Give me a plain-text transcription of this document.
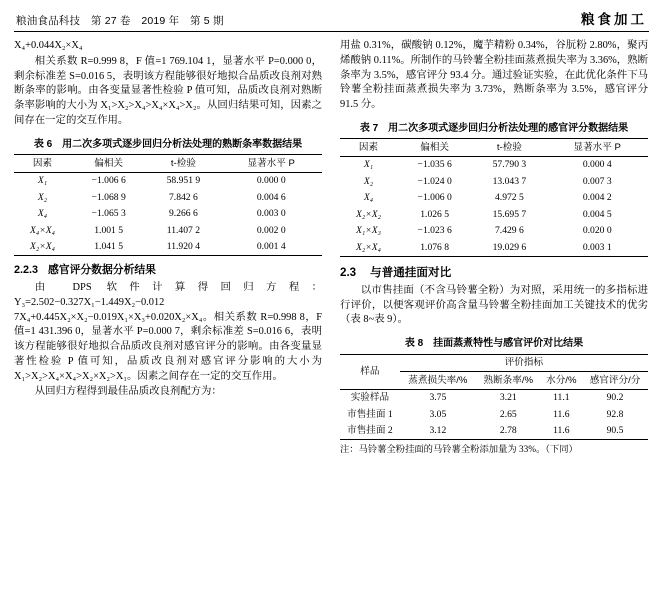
粮油食品科技　第 27 卷　2019 年　第 5 期	粮食加工
X₄+0.044X₂×X₄

相关系数 R=0.999 8，F 值=1 769.104 1，显著水平 P=0.000 0，剩余标准差 S=0.016 5，表明该方程能够很好地拟合品质改良剂对熟断条率的影响。由各变量显著性检验 P 值可知，品质改良剂对熟断条率影响的大小为 X₁>X₂>X₄>X₄×X₄>X₂。从回归结果可知，因素之间存在一定的交互作用。

表 6　用二次多项式逐步回归分析法处理的熟断条率数据结果
因素	偏相关	t-检验	显著水平 P
X₁	−1.006 6	58.951 9	0.000 0
X₂	−1.068 9	7.842 6	0.004 6
X₄	−1.065 3	9.266 6	0.003 0
X₄×X₄	1.001 5	11.407 2	0.002 0
X₂×X₄	1.041 5	11.920 4	0.001 4
2.2.3 感官评分数据分析结果

由 DPS 软件计算得回归方程：Y₃=2.502−0.327X₁−1.449X₂−0.012 7X₄+0.445X₂×X₂−0.019X₁×X₃+0.020X₂×X₄。相关系数 R=0.998 8，F 值=1 431.396 0，显著水平 P=0.000 7，剩余标准差 S=0.016 6，表明该方程能够很好地拟合品质改良剂对感官评分的影响。由各变量显著性检验 P 值可知，品质改良剂对感官评分影响的大小为 X₁>X₂>X₄×X₄>X₂×X₂>X₁。因素之间存在一定的交互作用。

从回归方程得到最佳品质改良剂配方为：

用盐 0.31%，碳酸钠 0.12%，魔芋精粉 0.34%，谷朊粉 2.80%，聚丙烯酸钠 0.11%。所制作的马铃薯全粉挂面蒸煮损失率为 3.36%，熟断条率为 3.5%，感官评分 93.4 分。通过验证实验，在此优化条件下马铃薯全粉挂面蒸煮损失率为 3.73%，熟断条率为 3.5%，感官评分 91.5 分。

表 7　用二次多项式逐步回归分析法处理的感官评分数据结果
因素	偏相关	t-检验	显著水平 P
X₁	−1.035 6	57.790 3	0.000 4
X₂	−1.024 0	13.043 7	0.007 3
X₄	−1.006 0	4.972 5	0.004 2
X₂×X₂	1.026 5	15.695 7	0.004 5
X₁×X₃	−1.023 6	7.429 6	0.020 0
X₂×X₄	1.076 8	19.029 6	0.003 1
2.3 与普通挂面对比

以市售挂面（不含马铃薯全粉）为对照，采用统一的多指标进行评价，以便客观评价高含量马铃薯全粉挂面加工关键技术的优劣（表 8~表 9）。

表 8　挂面蒸煮特性与感官评价对比结果
样品	评价指标			
	蒸煮损失率/%	熟断条率/%	水分/%	感官评分/分
实验样品	3.75	3.21	11.1	90.2
市售挂面 1	3.05	2.65	11.6	92.8
市售挂面 2	3.12	2.78	11.6	90.5
注：马铃薯全粉挂面的马铃薯全粉添加量为 33%。（下同）
